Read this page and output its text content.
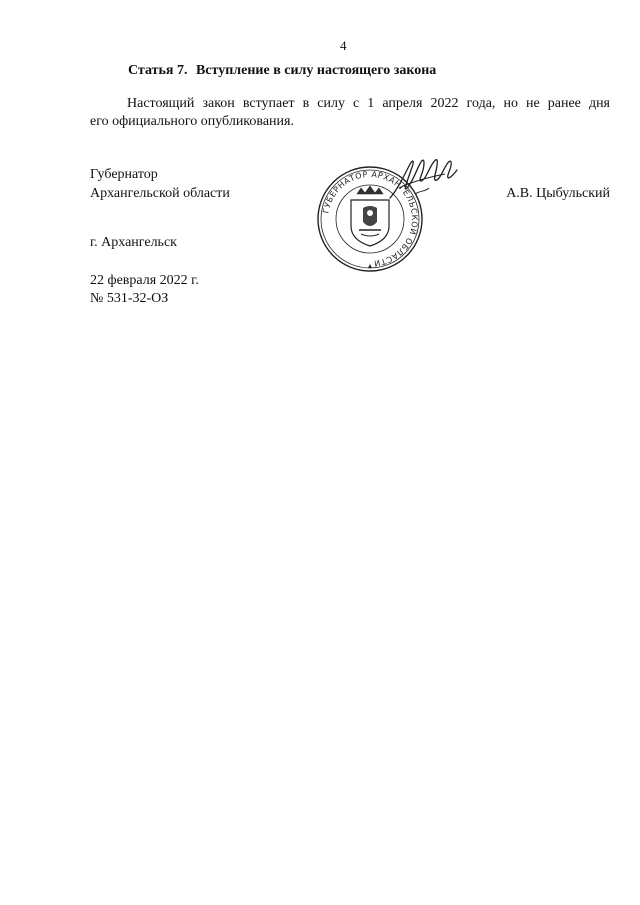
4
Статья 7. Вступление в силу настоящего закона
Настоящий закон вступает в силу с 1 апреля 2022 года, но не ранее дня
его официального опубликования.
Губернатор
Архангельской области	А.В. Цыбульский
ГУБЕРНАТОР АРХАНГЕЛЬСКОЙ ОБЛАСТИ
г. Архангельск
22 февраля 2022 г.
№ 531-32-ОЗ
